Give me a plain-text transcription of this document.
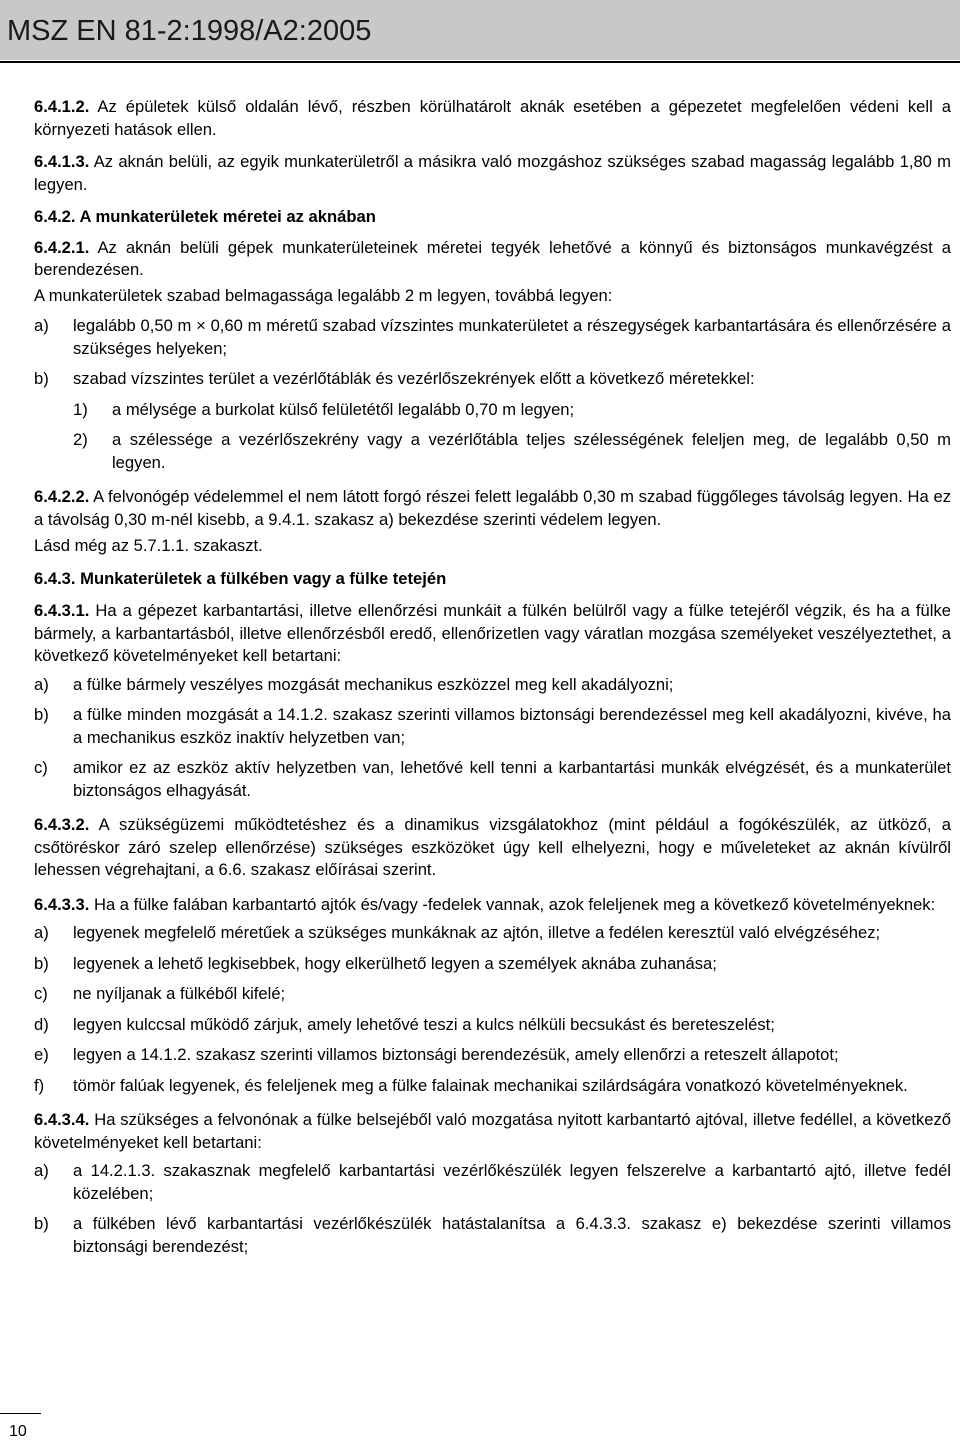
MSZ EN 81-2:1998/A2:2005

6.4.1.2. Az épületek külső oldalán lévő, részben körülhatárolt aknák esetében a gépezetet megfelelően védeni kell a környezeti hatások ellen.

6.4.1.3. Az aknán belüli, az egyik munkaterületről a másikra való mozgáshoz szükséges szabad magasság legalább 1,80 m legyen.

6.4.2. A munkaterületek méretei az aknában

6.4.2.1. Az aknán belüli gépek munkaterületeinek méretei tegyék lehetővé a könnyű és biztonságos munkavégzést a berendezésen.

A munkaterületek szabad belmagassága legalább 2 m legyen, továbbá legyen:

a) legalább 0,50 m × 0,60 m méretű szabad vízszintes munkaterületet a részegységek karbantartására és ellenőrzésére a szükséges helyeken;
b) szabad vízszintes terület a vezérlőtáblák és vezérlőszekrények előtt a következő méretekkel:
1) a mélysége a burkolat külső felületétől legalább 0,70 m legyen;
2) a szélessége a vezérlőszekrény vagy a vezérlőtábla teljes szélességének feleljen meg, de legalább 0,50 m legyen.

6.4.2.2. A felvonógép védelemmel el nem látott forgó részei felett legalább 0,30 m szabad függőleges távolság legyen. Ha ez a távolság 0,30 m-nél kisebb, a 9.4.1. szakasz a) bekezdése szerinti védelem legyen.

Lásd még az 5.7.1.1. szakaszt.

6.4.3. Munkaterületek a fülkében vagy a fülke tetején

6.4.3.1. Ha a gépezet karbantartási, illetve ellenőrzési munkáit a fülkén belülről vagy a fülke tetejéről végzik, és ha a fülke bármely, a karbantartásból, illetve ellenőrzésből eredő, ellenőrizetlen vagy váratlan mozgása személyeket veszélyeztethet, a következő követelményeket kell betartani:

a) a fülke bármely veszélyes mozgását mechanikus eszközzel meg kell akadályozni;
b) a fülke minden mozgását a 14.1.2. szakasz szerinti villamos biztonsági berendezéssel meg kell akadályozni, kivéve, ha a mechanikus eszköz inaktív helyzetben van;
c) amikor ez az eszköz aktív helyzetben van, lehetővé kell tenni a karbantartási munkák elvégzését, és a munkaterület biztonságos elhagyását.

6.4.3.2. A szükségüzemi működtetéshez és a dinamikus vizsgálatokhoz (mint például a fogókészülék, az ütköző, a csőtöréskor záró szelep ellenőrzése) szükséges eszközöket úgy kell elhelyezni, hogy e műveleteket az aknán kívülről lehessen végrehajtani, a 6.6. szakasz előírásai szerint.

6.4.3.3. Ha a fülke falában karbantartó ajtók és/vagy -fedelek vannak, azok feleljenek meg a következő követelményeknek:

a) legyenek megfelelő méretűek a szükséges munkáknak az ajtón, illetve a fedélen keresztül való elvégzéséhez;
b) legyenek a lehető legkisebbek, hogy elkerülhető legyen a személyek aknába zuhanása;
c) ne nyíljanak a fülkéből kifelé;
d) legyen kulccsal működő zárjuk, amely lehetővé teszi a kulcs nélküli becsukást és bereteszelést;
e) legyen a 14.1.2. szakasz szerinti villamos biztonsági berendezésük, amely ellenőrzi a reteszelt állapotot;
f) tömör falúak legyenek, és feleljenek meg a fülke falainak mechanikai szilárdságára vonatkozó követelményeknek.

6.4.3.4. Ha szükséges a felvonónak a fülke belsejéből való mozgatása nyitott karbantartó ajtóval, illetve fedéllel, a következő követelményeket kell betartani:

a) a 14.2.1.3. szakasznak megfelelő karbantartási vezérlőkészülék legyen felszerelve a karbantartó ajtó, illetve fedél közelében;
b) a fülkében lévő karbantartási vezérlőkészülék hatástalanítsa a 6.4.3.3. szakasz e) bekezdése szerinti villamos biztonsági berendezést;
10
